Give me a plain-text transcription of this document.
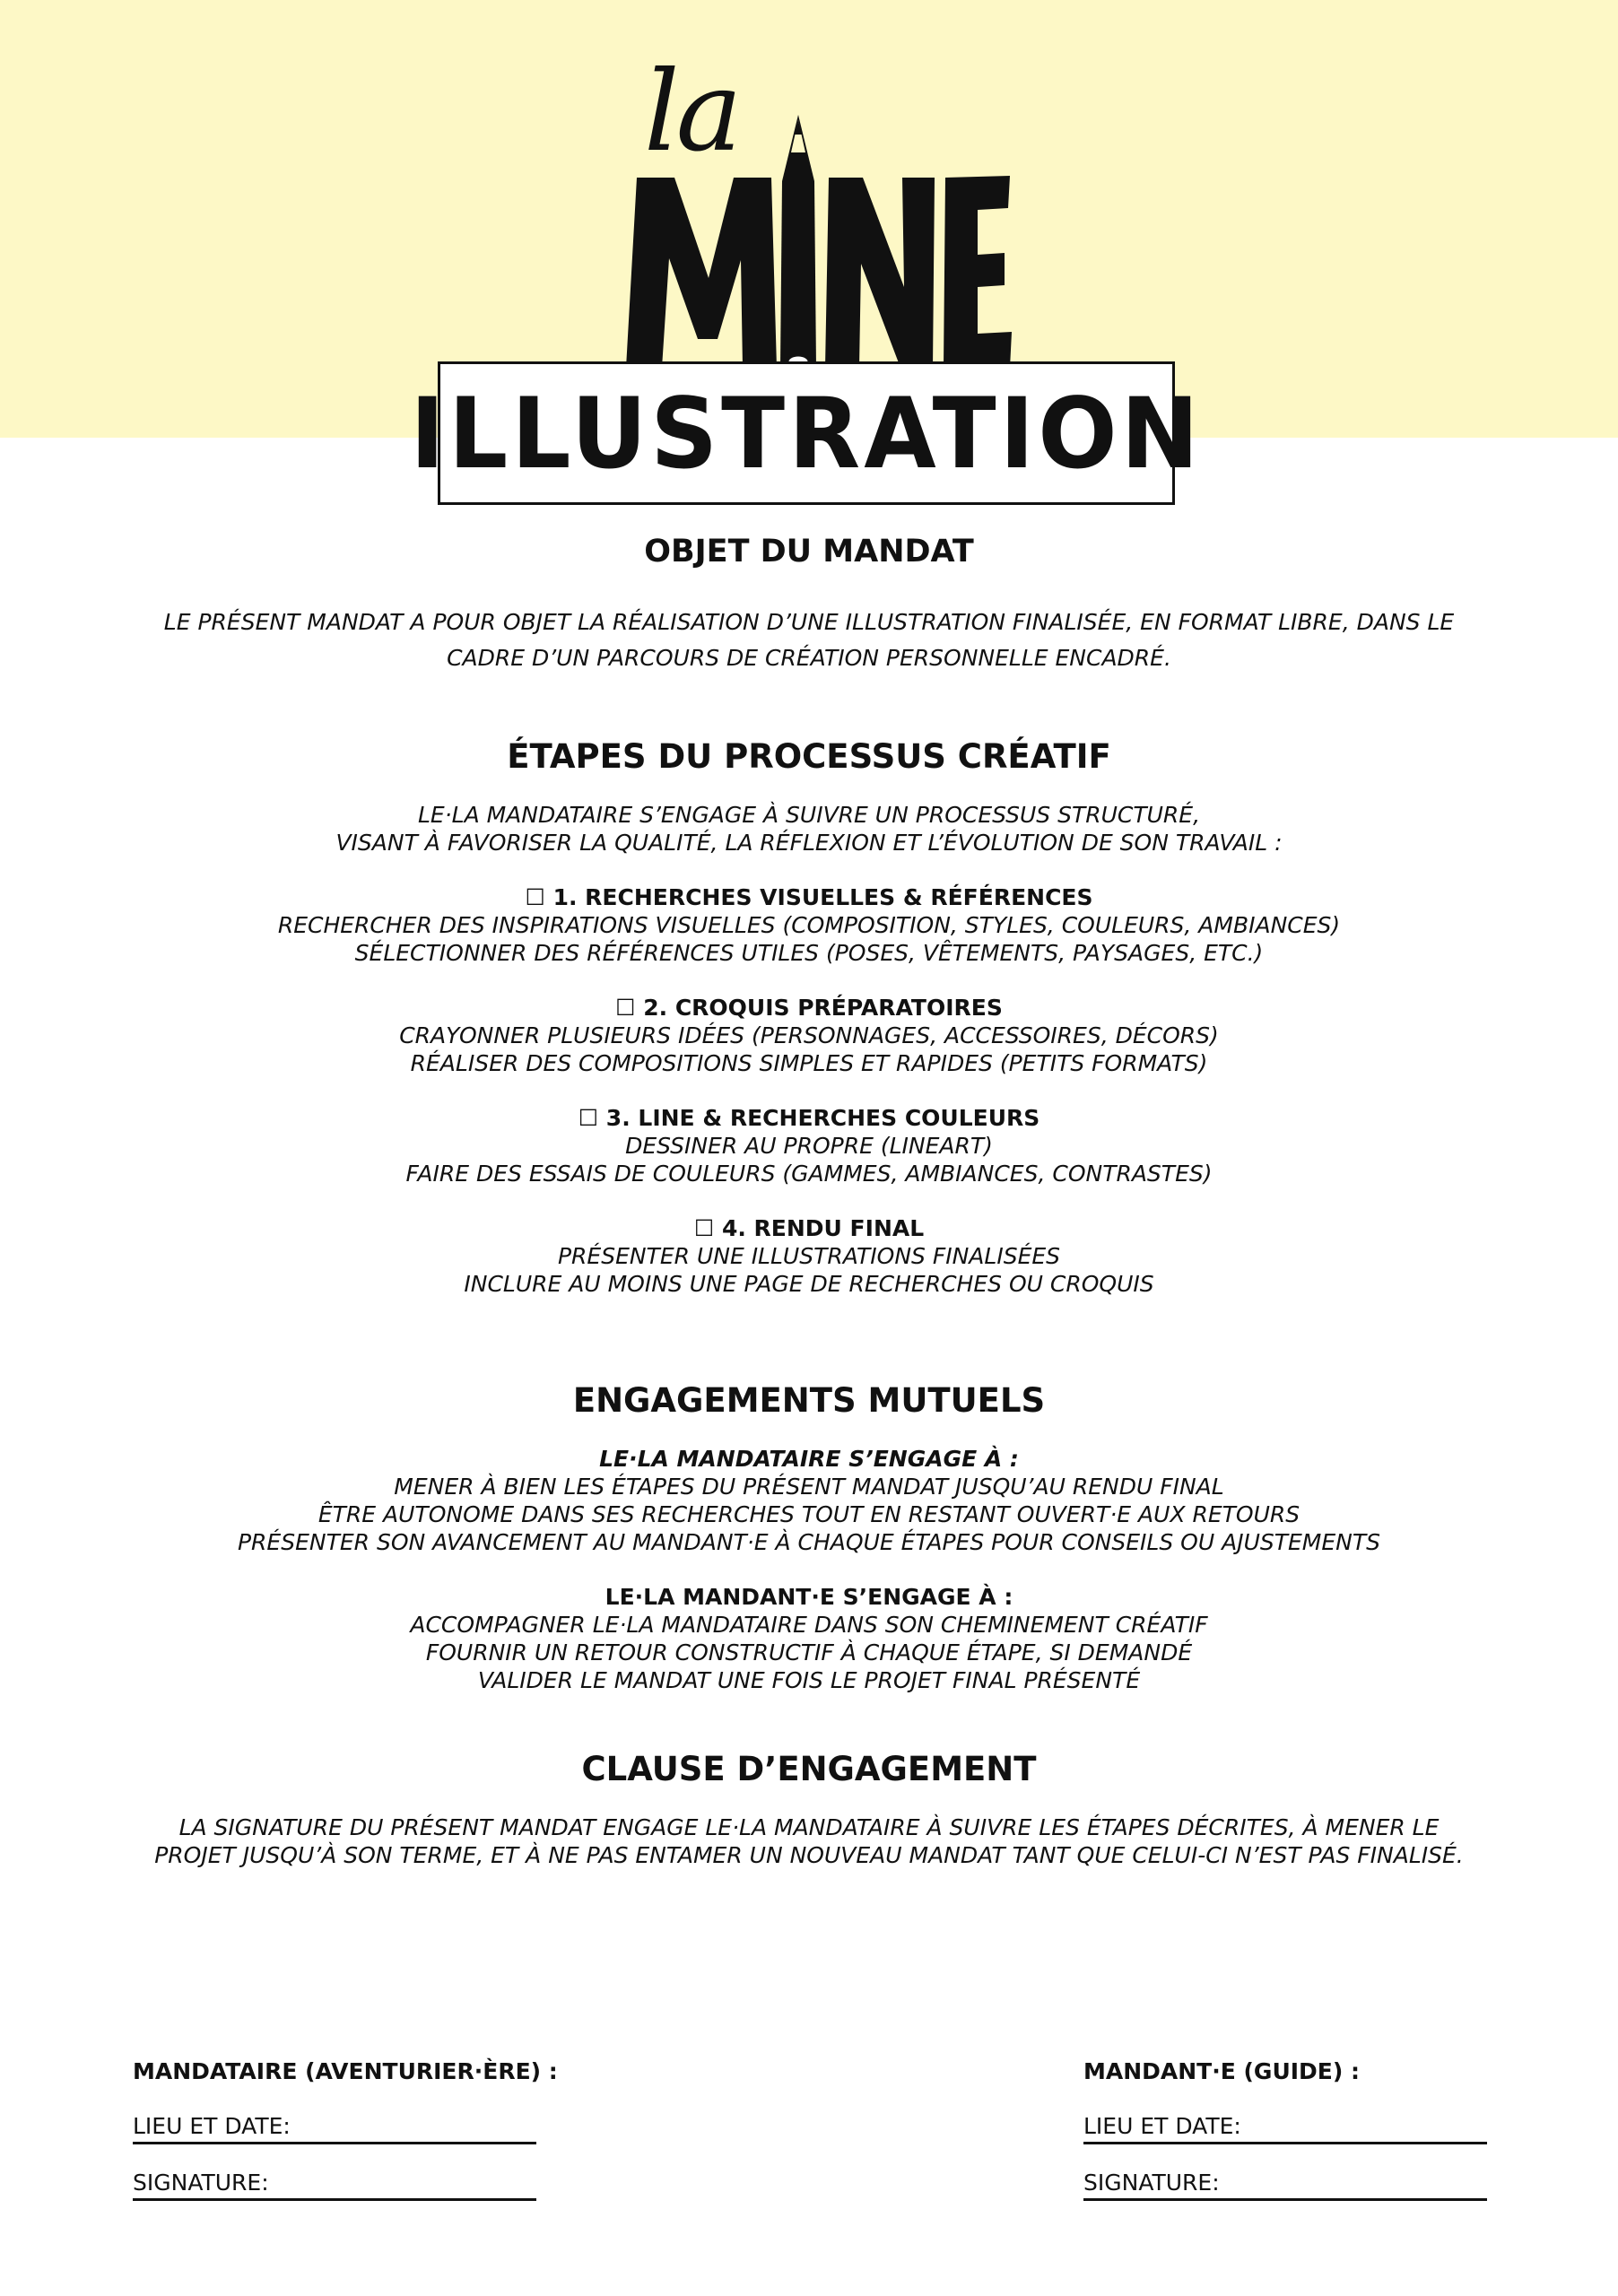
la
ILLUSTRATION
OBJET DU MANDAT

LE PRÉSENT MANDAT A POUR OBJET LA RÉALISATION D’UNE ILLUSTRATION FINALISÉE, EN FORMAT LIBRE, DANS LE CADRE D’UN PARCOURS DE CRÉATION PERSONNELLE ENCADRÉ.

ÉTAPES DU PROCESSUS CRÉATIF
LE·LA MANDATAIRE S’ENGAGE À SUIVRE UN PROCESSUS STRUCTURÉ,
VISANT À FAVORISER LA QUALITÉ, LA RÉFLEXION ET L’ÉVOLUTION DE SON TRAVAIL :
☐ 1. RECHERCHES VISUELLES & RÉFÉRENCES
RECHERCHER DES INSPIRATIONS VISUELLES (COMPOSITION, STYLES, COULEURS, AMBIANCES)
SÉLECTIONNER DES RÉFÉRENCES UTILES (POSES, VÊTEMENTS, PAYSAGES, ETC.)
☐ 2. CROQUIS PRÉPARATOIRES
CRAYONNER PLUSIEURS IDÉES (PERSONNAGES, ACCESSOIRES, DÉCORS)
RÉALISER DES COMPOSITIONS SIMPLES ET RAPIDES (PETITS FORMATS)
☐ 3. LINE & RECHERCHES COULEURS
DESSINER AU PROPRE (LINEART)
FAIRE DES ESSAIS DE COULEURS (GAMMES, AMBIANCES, CONTRASTES)
☐ 4. RENDU FINAL
PRÉSENTER UNE ILLUSTRATIONS FINALISÉES
INCLURE AU MOINS UNE PAGE DE RECHERCHES OU CROQUIS
ENGAGEMENTS MUTUELS
LE·LA MANDATAIRE S’ENGAGE À :
MENER À BIEN LES ÉTAPES DU PRÉSENT MANDAT JUSQU’AU RENDU FINAL
ÊTRE AUTONOME DANS SES RECHERCHES TOUT EN RESTANT OUVERT·E AUX RETOURS
PRÉSENTER SON AVANCEMENT AU MANDANT·E À CHAQUE ÉTAPES POUR CONSEILS OU AJUSTEMENTS
LE·LA MANDANT·E S’ENGAGE À :
ACCOMPAGNER LE·LA MANDATAIRE DANS SON CHEMINEMENT CRÉATIF
FOURNIR UN RETOUR CONSTRUCTIF À CHAQUE ÉTAPE, SI DEMANDÉ
VALIDER LE MANDAT UNE FOIS LE PROJET FINAL PRÉSENTÉ
CLAUSE D’ENGAGEMENT

LA SIGNATURE DU PRÉSENT MANDAT ENGAGE LE·LA MANDATAIRE À SUIVRE LES ÉTAPES DÉCRITES, À MENER LE PROJET JUSQU’À SON TERME, ET À NE PAS ENTAMER UN NOUVEAU MANDAT TANT QUE CELUI-CI N’EST PAS FINALISÉ.

MANDATAIRE (AVENTURIER·ÈRE) :
LIEU ET DATE:
SIGNATURE:
MANDANT·E (GUIDE) :
LIEU ET DATE:
SIGNATURE:
